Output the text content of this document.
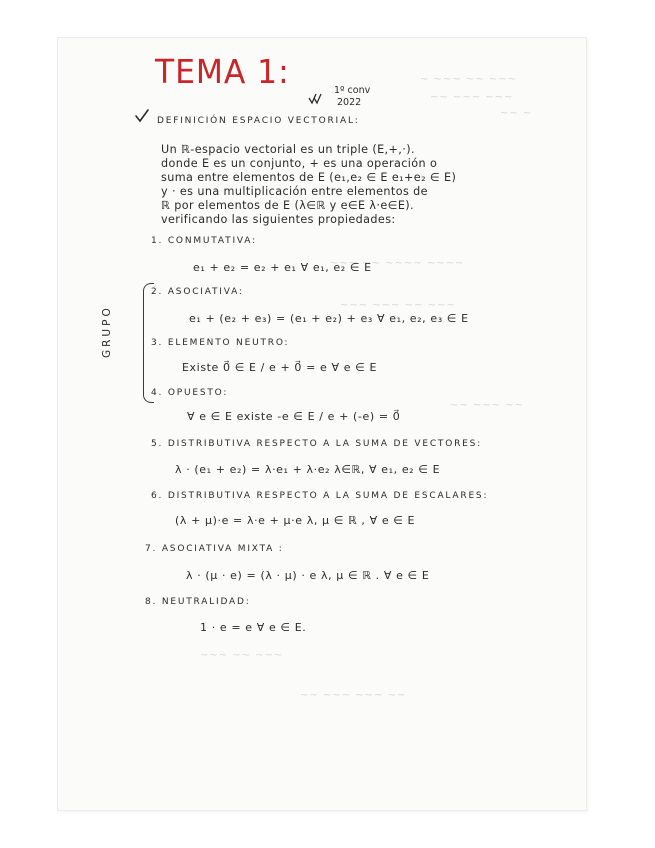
~ ~~~ ~~ ~~~
~~ ~~~ ~~~
~~ ~
~~~ ~~ ~~~~ ~~~~
~~~ ~~~ ~~ ~~~
~~ ~~~ ~~
~~~ ~~ ~~~
~~ ~~~ ~~~ ~~
TEMA 1:	1º conv
2022
DEFINICIÓN ESPACIO VECTORIAL:
Un ℝ-espacio vectorial es un triple (E,+,·).
donde E es un conjunto, + es una operación o
suma entre elementos de E (e₁,e₂ ∈ E e₁+e₂ ∈ E)
y · es una multiplicación entre elementos de
ℝ por elementos de E (λ∈ℝ y e∈E λ·e∈E).
verificando las siguientes propiedades:
GRUPO
1. CONMUTATIVA:
e₁ + e₂ = e₂ + e₁ ∀ e₁, e₂ ∈ E
2. ASOCIATIVA:
e₁ + (e₂ + e₃) = (e₁ + e₂) + e₃ ∀ e₁, e₂, e₃ ∈ E
3. ELEMENTO NEUTRO:
Existe 0⃗ ∈ E / e + 0⃗ = e ∀ e ∈ E
4. OPUESTO:
∀ e ∈ E existe -e ∈ E / e + (-e) = 0⃗
5. DISTRIBUTIVA RESPECTO A LA SUMA DE VECTORES:
λ · (e₁ + e₂) = λ·e₁ + λ·e₂ λ∈ℝ, ∀ e₁, e₂ ∈ E
6. DISTRIBUTIVA RESPECTO A LA SUMA DE ESCALARES:
(λ + μ)·e = λ·e + μ·e λ, μ ∈ ℝ , ∀ e ∈ E
7. ASOCIATIVA MIXTA :
λ · (μ · e) = (λ · μ) · e λ, μ ∈ ℝ . ∀ e ∈ E
8. NEUTRALIDAD:
1 · e = e ∀ e ∈ E.
